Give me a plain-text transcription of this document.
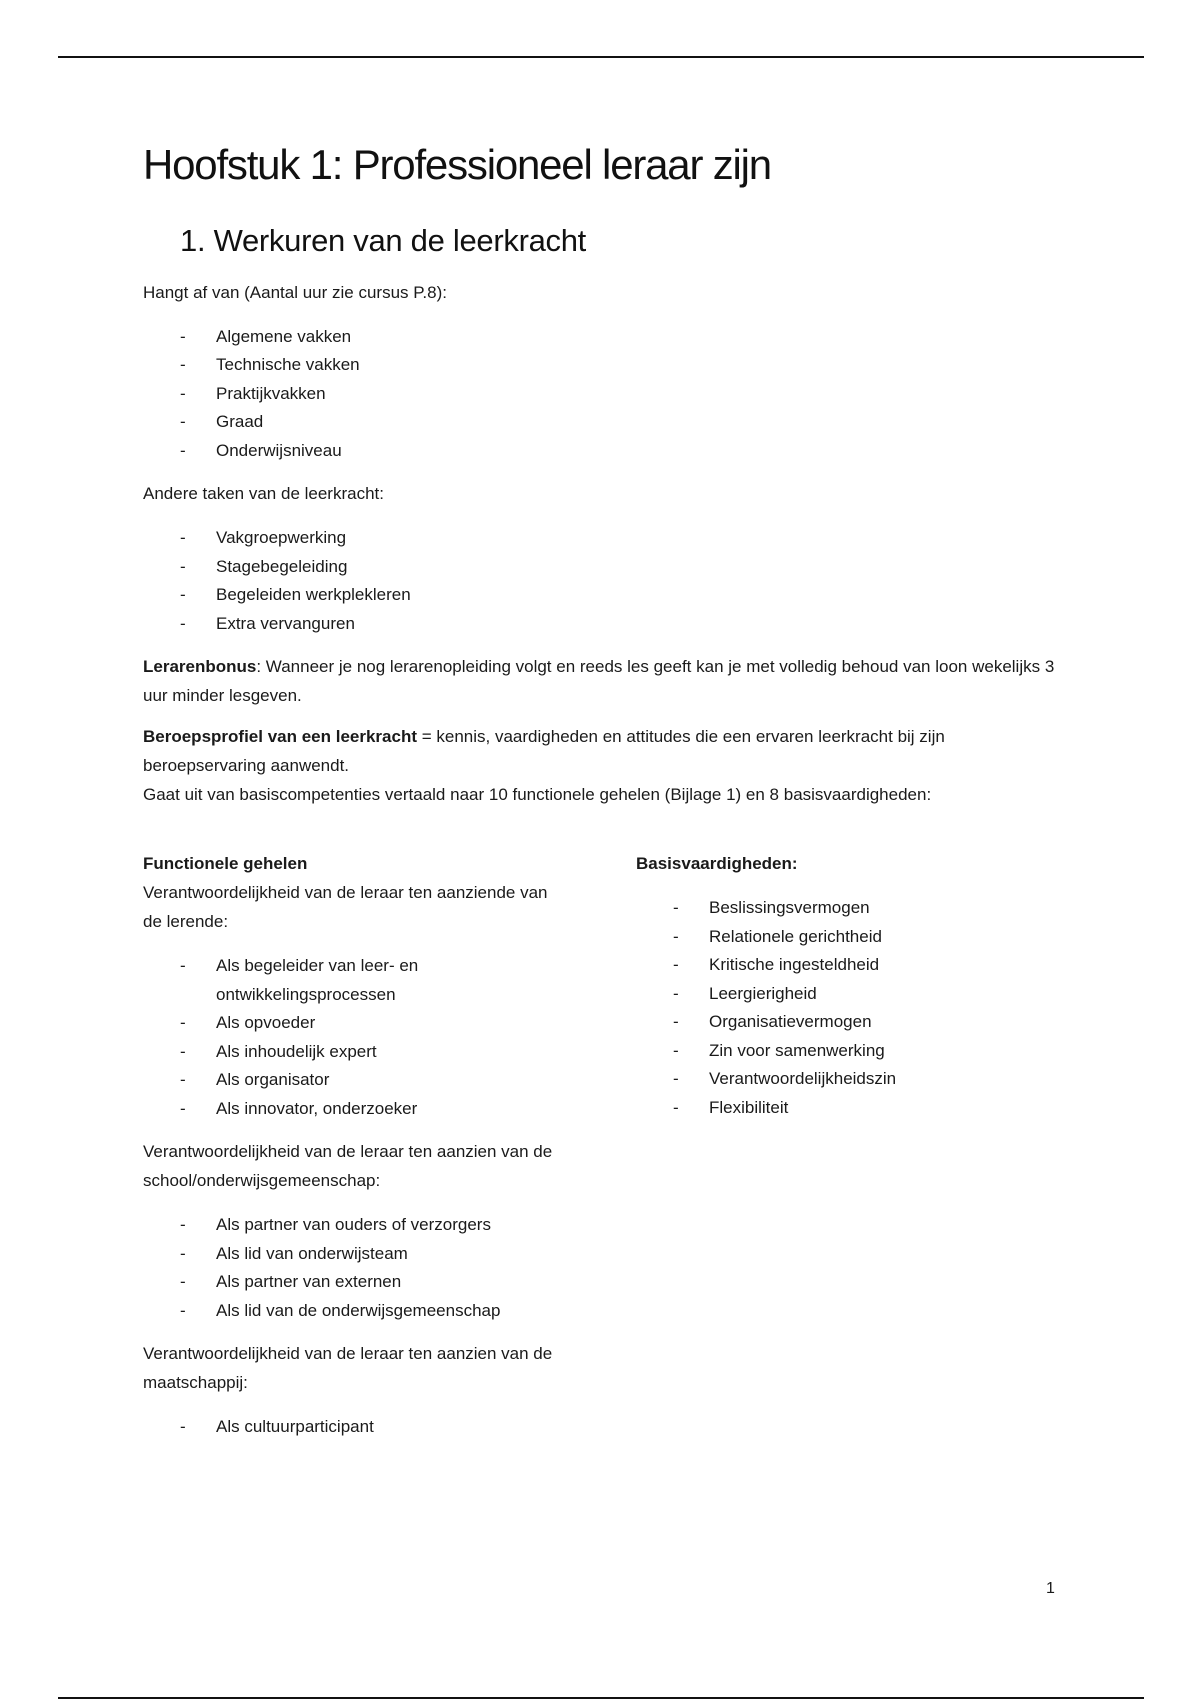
Hoofstuk 1: Professioneel leraar zijn
1. Werkuren van de leerkracht

Hangt af van (Aantal uur zie cursus P.8):

- Algemene vakken
- Technische vakken
- Praktijkvakken
- Graad
- Onderwijsniveau

Andere taken van de leerkracht:

- Vakgroepwerking
- Stagebegeleiding
- Begeleiden werkplekleren
- Extra vervanguren

Lerarenbonus: Wanneer je nog lerarenopleiding volgt en reeds les geeft kan je met volledig behoud van loon wekelijks 3 uur minder lesgeven.

Beroepsprofiel van een leerkracht = kennis, vaardigheden en attitudes die een ervaren leerkracht bij zijn beroepservaring aanwendt.
Gaat uit van basiscompetenties vertaald naar 10 functionele gehelen (Bijlage 1) en 8 basisvaardigheden:

Functionele gehelen

Verantwoordelijkheid van de leraar ten aanziende van de lerende:

- Als begeleider van leer- en ontwikkelingsprocessen
- Als opvoeder
- Als inhoudelijk expert
- Als organisator
- Als innovator, onderzoeker

Verantwoordelijkheid van de leraar ten aanzien van de school/onderwijsgemeenschap:

- Als partner van ouders of verzorgers
- Als lid van onderwijsteam
- Als partner van externen
- Als lid van de onderwijsgemeenschap

Verantwoordelijkheid van de leraar ten aanzien van de maatschappij:

- Als cultuurparticipant

Basisvaardigheden:

- Beslissingsvermogen
- Relationele gerichtheid
- Kritische ingesteldheid
- Leergierigheid
- Organisatievermogen
- Zin voor samenwerking
- Verantwoordelijkheidszin
- Flexibiliteit
1
